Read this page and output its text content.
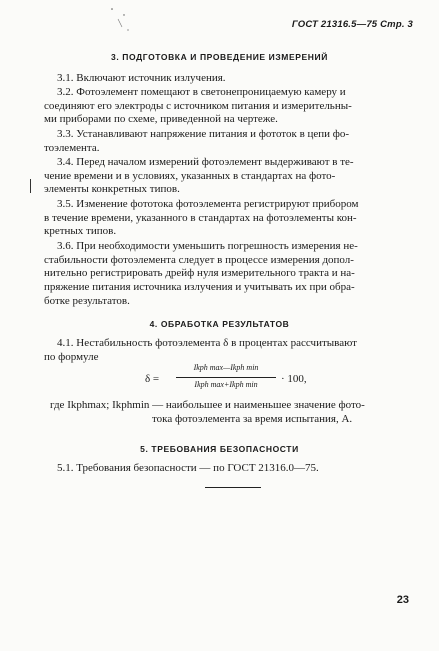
ГОСТ 21316.5—75 Стр. 3
3. ПОДГОТОВКА И ПРОВЕДЕНИЕ ИЗМЕРЕНИЙ
3.1. Включают источник излучения.
3.2. Фотоэлемент помещают в светонепроницаемую камеру и
соединяют его электроды с источником питания и измерительны-
ми приборами по схеме, приведенной на чертеже.
3.3. Устанавливают напряжение питания и фототок в цепи фо-
тоэлемента.
3.4. Перед началом измерений фотоэлемент выдерживают в те-
чение времени и в условиях, указанных в стандартах на фото-
элементы конкретных типов.
3.5. Изменение фототока фотоэлемента регистрируют прибором
в течение времени, указанного в стандартах на фотоэлементы кон-
кретных типов.
3.6. При необходимости уменьшить погрешность измерения не-
стабильности фотоэлемента следует в процессе измерения допол-
нительно регистрировать дрейф нуля измерительного тракта и на-
пряжение питания источника излучения и учитывать их при обра-
ботке результатов.
4. ОБРАБОТКА РЕЗУЛЬТАТОВ
4.1. Нестабильность фотоэлемента δ в процентах рассчитывают
по формуле
δ =
Ikph max—Ikph min
Ikph max+Ikph min	· 100,
где Ikphmax; Ikphmin — наибольшее и наименьшее значение фото-
тока фотоэлемента за время испытания, А.
5. ТРЕБОВАНИЯ БЕЗОПАСНОСТИ
5.1. Требования безопасности — по ГОСТ 21316.0—75.
23
